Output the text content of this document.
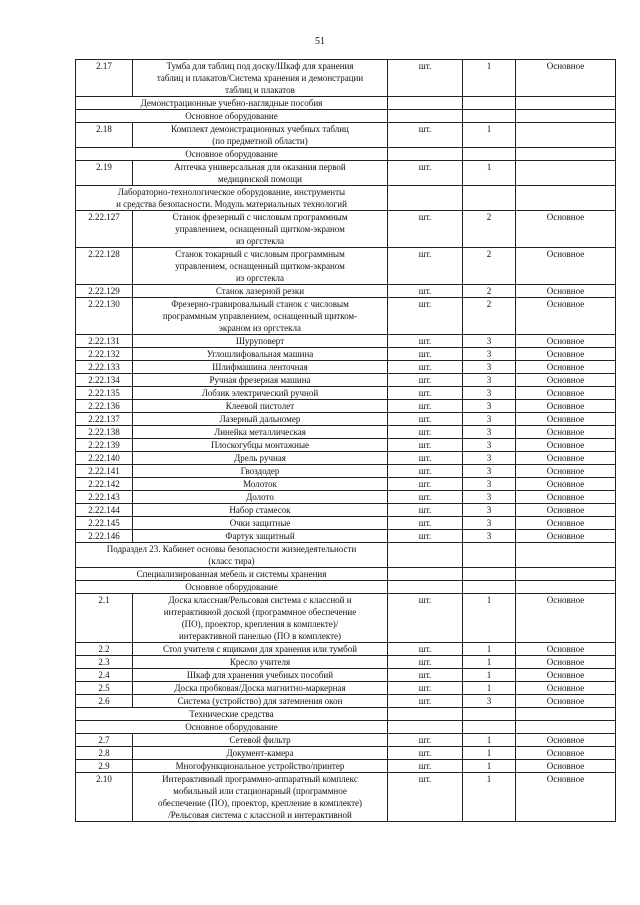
51
2.17	Тумба для таблиц под доску/Шкаф для хранения
таблиц и плакатов/Система хранения и демонстрации
таблиц и плакатов	шт.	1	Основное
Демонстрационные учебно-наглядные пособия				
Основное оборудование				
2.18	Комплект демонстрационных учебных таблиц
(по предметной области)	шт.	1	
Основное оборудование				
2.19	Аптечка универсальная для оказания первой
медицинской помощи	шт.	1	
Лабораторно-технологическое оборудование, инструменты
и средства безопасности. Модуль материальных технологий				
2.22.127	Станок фрезерный с числовым программным
управлением, оснащенный щитком-экраном
из оргстекла	шт.	2	Основное
2.22.128	Станок токарный с числовым программным
управлением, оснащенный щитком-экраном
из оргстекла	шт.	2	Основное
2.22.129	Станок лазерной резки	шт.	2	Основное
2.22.130	Фрезерно-гравировальный станок с числовым
программным управлением, оснащенный щитком-
экраном из оргстекла	шт.	2	Основное
2.22.131	Шуруповерт	шт.	3	Основное
2.22.132	Углошлифовальная машина	шт.	3	Основное
2.22.133	Шлифмашина ленточная	шт.	3	Основное
2.22.134	Ручная фрезерная машина	шт.	3	Основное
2.22.135	Лобзик электрический ручной	шт.	3	Основное
2.22.136	Клеевой пистолет	шт.	3	Основное
2.22.137	Лазерный дальномер	шт.	3	Основное
2.22.138	Линейка металлическая	шт.	3	Основное
2.22.139	Плоскогубцы монтажные	шт.	3	Основное
2.22.140	Дрель ручная	шт.	3	Основное
2.22.141	Гвоздодер	шт.	3	Основное
2.22.142	Молоток	шт.	3	Основное
2.22.143	Долото	шт.	3	Основное
2.22.144	Набор стамесок	шт.	3	Основное
2.22.145	Очки защитные	шт.	3	Основное
2.22.146	Фартук защитный	шт.	3	Основное
Подраздел 23. Кабинет основы безопасности жизнедеятельности
(класс тира)				
Специализированная мебель и системы хранения				
Основное оборудование				
2.1	Доска классная/Рельсовая система с классной и
интерактивной доской (программное обеспечение
(ПО), проектор, крепления в комплекте)/
интерактивной панелью (ПО в комплекте)	шт.	1	Основное
2.2	Стол учителя с ящиками для хранения или тумбой	шт.	1	Основное
2.3	Кресло учителя	шт.	1	Основное
2.4	Шкаф для хранения учебных пособий	шт.	1	Основное
2.5	Доска пробковая/Доска магнитно-маркерная	шт.	1	Основное
2.6	Система (устройство) для затемнения окон	шт.	3	Основное
Технические средства				
Основное оборудование				
2.7	Сетевой фильтр	шт.	1	Основное
2.8	Документ-камера	шт.	1	Основное
2.9	Многофункциональное устройство/принтер	шт.	1	Основное
2.10	Интерактивный программно-аппаратный комплекс
мобильный или стационарный (программное
обеспечение (ПО), проектор, крепление в комплекте)
/Рельсовая система с классной и интерактивной	шт.	1	Основное
